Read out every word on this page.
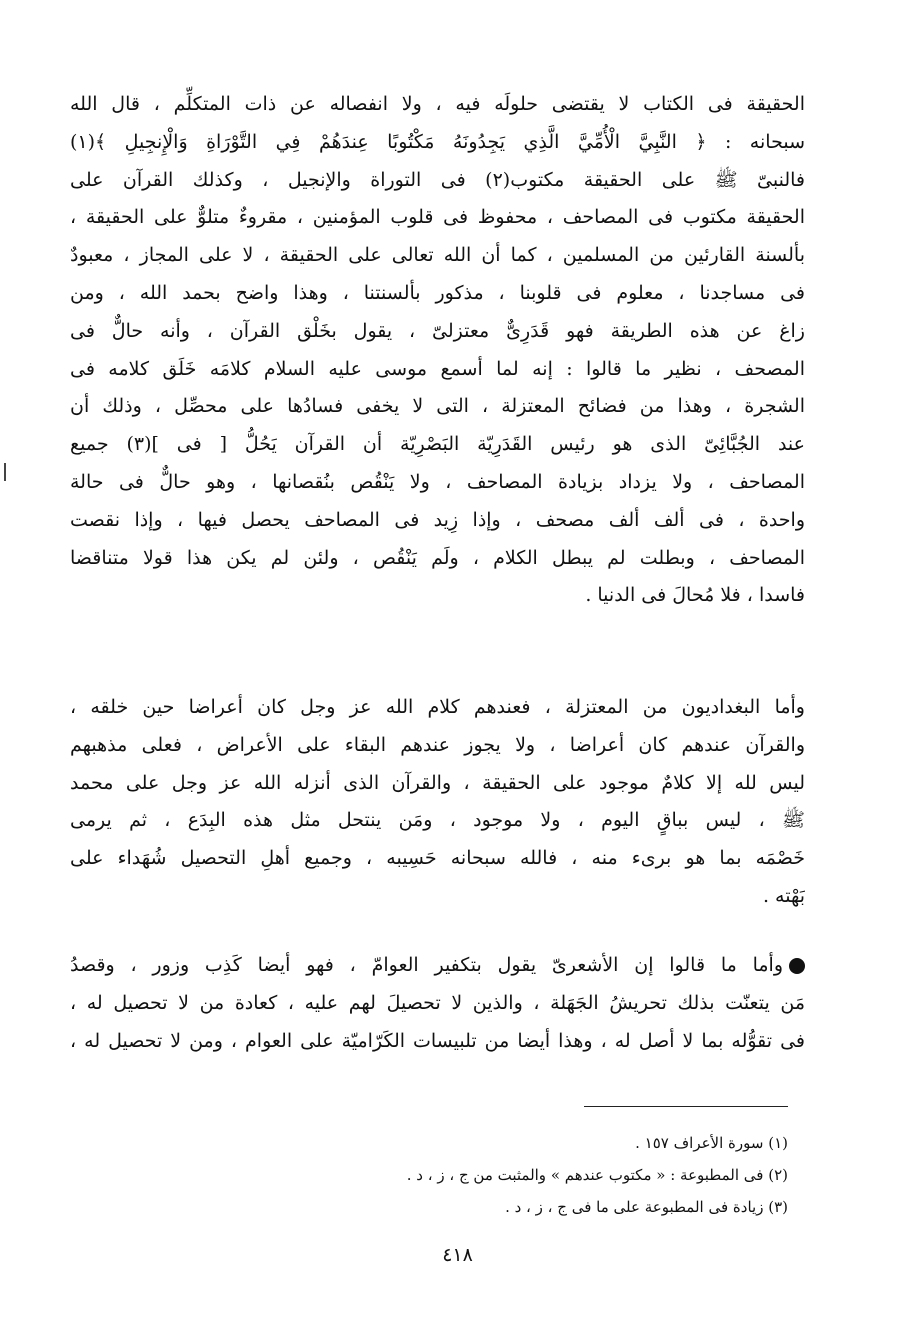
الحقيقة فى الكتاب لا يقتضى حلولَه فيه ، ولا انفصاله عن ذات المتكلِّم ، قال الله
سبحانه : ﴿ النَّبِيَّ الْأُمِّيَّ الَّذِي يَجِدُونَهُ مَكْتُوبًا عِندَهُمْ فِي التَّوْرَاةِ وَالْإِنجِيلِ ﴾(١)
فالنبىّ ﷺ على الحقيقة مكتوب(٢) فى التوراة والإنجيل ، وكذلك القرآن على
الحقيقة مكتوب فى المصاحف ، محفوظ فى قلوب المؤمنين ، مقروءٌ متلوٌّ على الحقيقة ،
بألسنة القارئين من المسلمين ، كما أن الله تعالى على الحقيقة ، لا على المجاز ، معبودٌ
فى مساجدنا ، معلوم فى قلوبنا ، مذكور بألسنتنا ، وهذا واضح بحمد الله ، ومن
زاغ عن هذه الطريقة فهو قَدَرِىٌّ معتزلىّ ، يقول بخَلْق القرآن ، وأنه حالٌّ فى
المصحف ، نظير ما قالوا : إنه لما أسمع موسى عليه السلام كلامَه خَلَق كلامه فى
الشجرة ، وهذا من فضائح المعتزلة ، التى لا يخفى فسادُها على محصِّل ، وذلك أن
عند الجُبَّائِىّ الذى هو رئيس القَدَرِيّة البَصْرِيّة أن القرآن يَحُلُّ [ فى ](٣) جميع
المصاحف ، ولا يزداد بزيادة المصاحف ، ولا يَنْقُص بنُقصانها ، وهو حالٌّ فى حالة
واحدة ، فى ألف ألف مصحف ، وإذا زِيد فى المصاحف يحصل فيها ، وإذا نقصت
المصاحف ، وبطلت لم يبطل الكلام ، ولَم يَنْقُص ، ولئن لم يكن هذا قولا متناقضا
فاسدا ، فلا مُحالَ فى الدنيا .
وأما البغداديون من المعتزلة ، فعندهم كلام الله عز وجل كان أعراضا حين خلقه ،
والقرآن عندهم كان أعراضا ، ولا يجوز عندهم البقاء على الأعراض ، فعلى مذهبهم
ليس لله إلا كلامٌ موجود على الحقيقة ، والقرآن الذى أنزله الله عز وجل على محمد
ﷺ ، ليس بباقٍ اليوم ، ولا موجود ، ومَن ينتحل مثل هذه البِدَع ، ثم يرمى
خَصْمَه بما هو برىء منه ، فالله سبحانه حَسِيبه ، وجميع أهلِ التحصيل شُهَداء على
بَهْته .
وأما ما قالوا إن الأشعرىّ يقول بتكفير العوامّ ، فهو أيضا كَذِب وزور ، وقصدُ
مَن يتعنّت بذلك تحريشُ الجَهَلة ، والذين لا تحصيلَ لهم عليه ، كعادة من لا تحصيل له ،
فى تقوُّله بما لا أصل له ، وهذا أيضا من تلبيسات الكَرّاميّة على العوام ، ومن لا تحصيل له ،
(١) سورة الأعراف ١٥٧ .
(٢) فى المطبوعة : « مكتوب عندهم » والمثبت من ج ، ز ، د .
(٣) زيادة فى المطبوعة على ما فى ج ، ز ، د .
٤١٨
